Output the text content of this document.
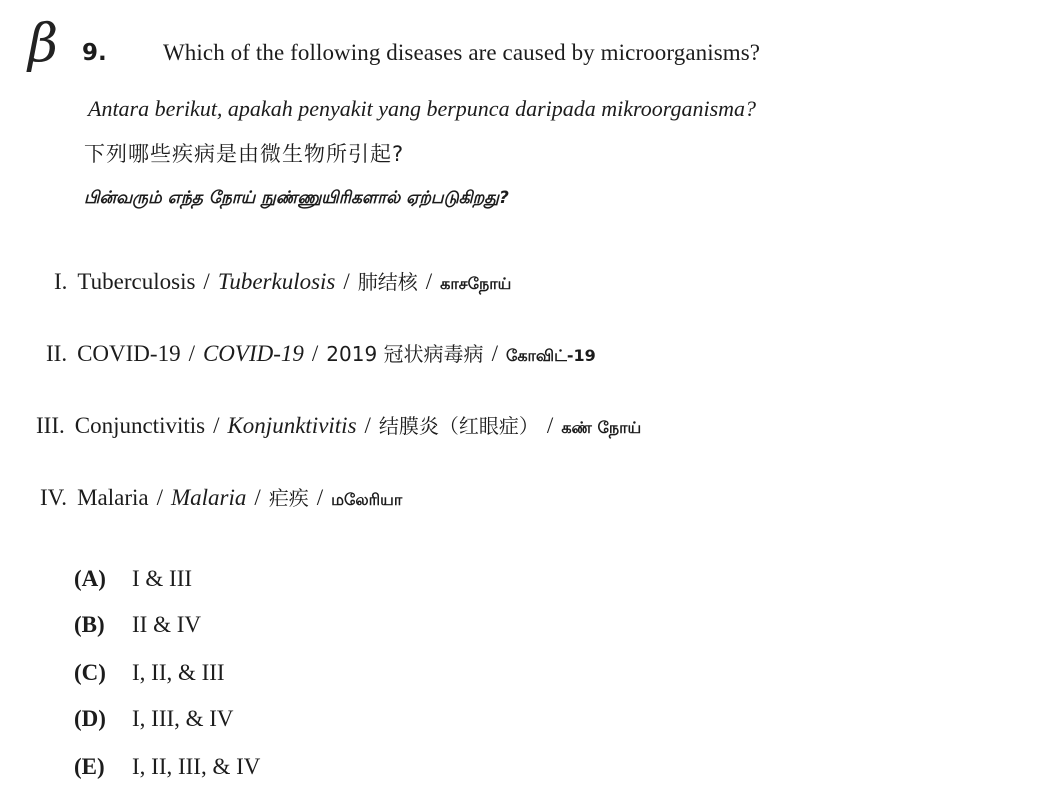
β 9. Which of the following diseases are caused by microorganisms?
Antara berikut, apakah penyakit yang berpunca daripada mikroorganisma?
下列哪些疾病是由微生物所引起?
பின்வரும் எந்த நோய் நுண்ணுயிரிகளால் ஏற்படுகிறது?
I. Tuberculosis / Tuberkulosis / 肺结核 / காசநோய்
II. COVID-19 / COVID-19 / 2019 冠状病毒病 / கோவிட்-19
III. Conjunctivitis / Konjunktivitis / 结膜炎（红眼症） / கண் நோய்
IV. Malaria / Malaria / 疟疾 / மலேரியா
(A) I & III
(B) II & IV
(C) I, II, & III
(D) I, III, & IV
(E) I, II, III, & IV
